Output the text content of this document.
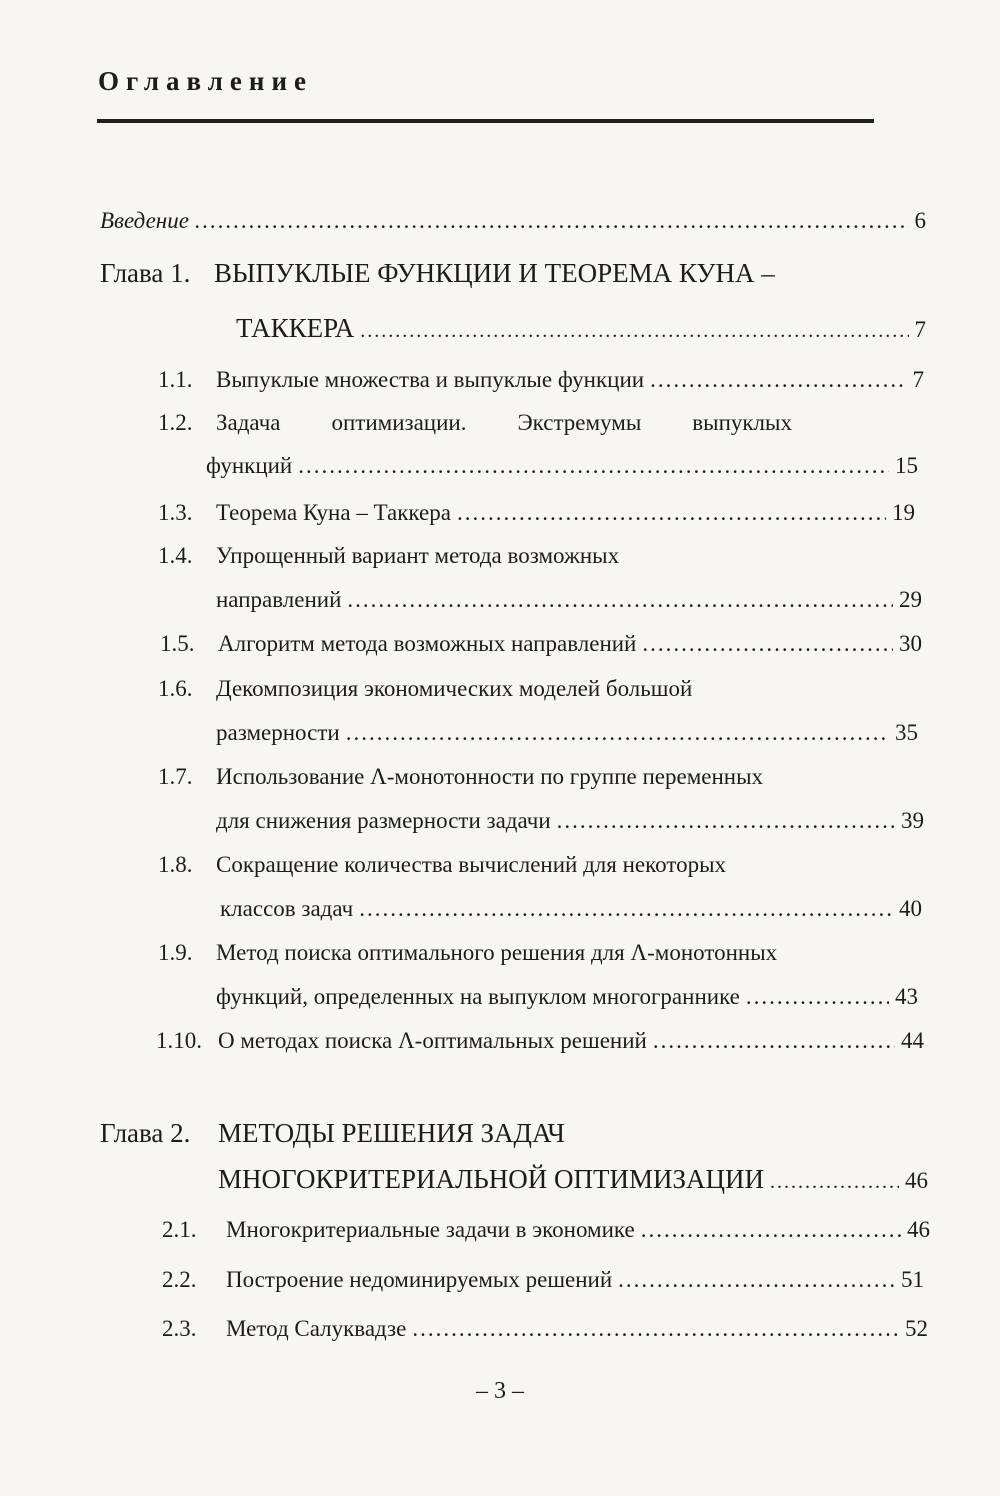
Оглавление
Введение .....	6
Глава 1. ВЫПУКЛЫЕ ФУНКЦИИ И ТЕОРЕМА КУНА –
ТАККЕРА .....	7
1.1. Выпуклые множества и выпуклые функции .....	7
1.2. Задача оптимизации. Экстремумы выпуклых
функций .....	15
1.3. Теорема Куна – Таккера .....	19
1.4. Упрощенный вариант метода возможных
направлений .....	29
1.5. Алгоритм метода возможных направлений .....	30
1.6. Декомпозиция экономических моделей большой
размерности .....	35
1.7. Использование Λ-монотонности по группе переменных
для снижения размерности задачи .....	39
1.8. Сокращение количества вычислений для некоторых
классов задач .....	40
1.9. Метод поиска оптимального решения для Λ-монотонных
функций, определенных на выпуклом многограннике .....	43
1.10. О методах поиска Λ-оптимальных решений .....	44
Глава 2. МЕТОДЫ РЕШЕНИЯ ЗАДАЧ
МНОГОКРИТЕРИАЛЬНОЙ ОПТИМИЗАЦИИ .....	46
2.1. Многокритериальные задачи в экономике .....	46
2.2. Построение недоминируемых решений .....	51
2.3. Метод Салуквадзе .....	52
– 3 –
